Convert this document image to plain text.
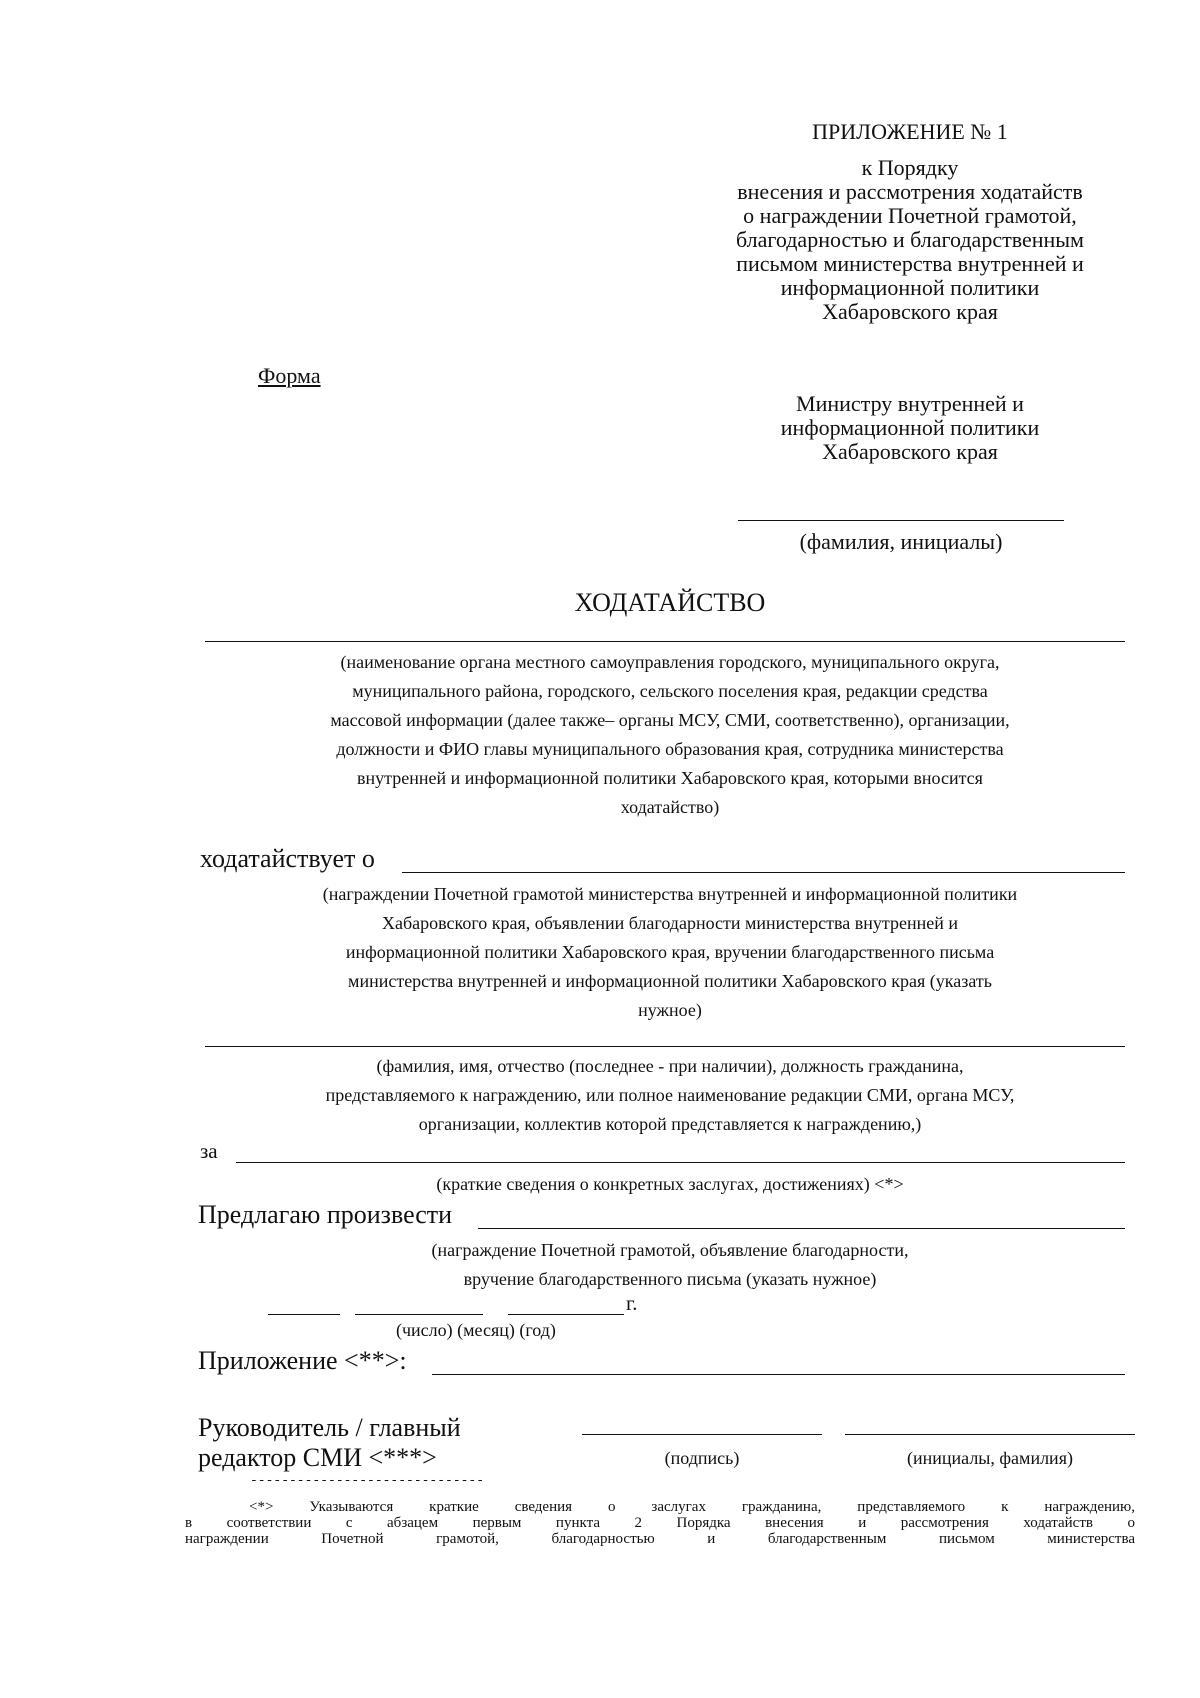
ПРИЛОЖЕНИЕ № 1
к Порядку
внесения и рассмотрения ходатайств
о награждении Почетной грамотой,
благодарностью и благодарственным
письмом министерства внутренней и
информационной политики
Хабаровского края
Форма
Министру внутренней и
информационной политики
Хабаровского края
(фамилия, инициалы)
ХОДАТАЙСТВО
(наименование органа местного самоуправления городского, муниципального округа,
муниципального района, городского, сельского поселения края, редакции средства
массовой информации (далее также– органы МСУ, СМИ, соответственно), организации,
должности и ФИО главы муниципального образования края, сотрудника министерства
внутренней и информационной политики Хабаровского края, которыми вносится
ходатайство)
ходатайствует о
(награждении Почетной грамотой министерства внутренней и информационной политики
Хабаровского края, объявлении благодарности министерства внутренней и
информационной политики Хабаровского края, вручении благодарственного письма
министерства внутренней и информационной политики Хабаровского края (указать
нужное)
(фамилия, имя, отчество (последнее - при наличии), должность гражданина,
представляемого к награждению, или полное наименование редакции СМИ, органа МСУ,
организации, коллектив которой представляется к награждению,)
за
(краткие сведения о конкретных заслугах, достижениях) <*>
Предлагаю произвести
(награждение Почетной грамотой, объявление благодарности,
вручение благодарственного письма (указать нужное)
г.
(число) (месяц) (год)
Приложение <**>:
Руководитель / главный
редактор СМИ <***>	(подпись)	(инициалы, фамилия)
------------------------------
<*> Указываются краткие сведения о заслугах гражданина, представляемого к награждению,
в соответствии с абзацем первым пункта 2 Порядка внесения и рассмотрения ходатайств о
награждении Почетной грамотой, благодарностью и благодарственным письмом министерства
